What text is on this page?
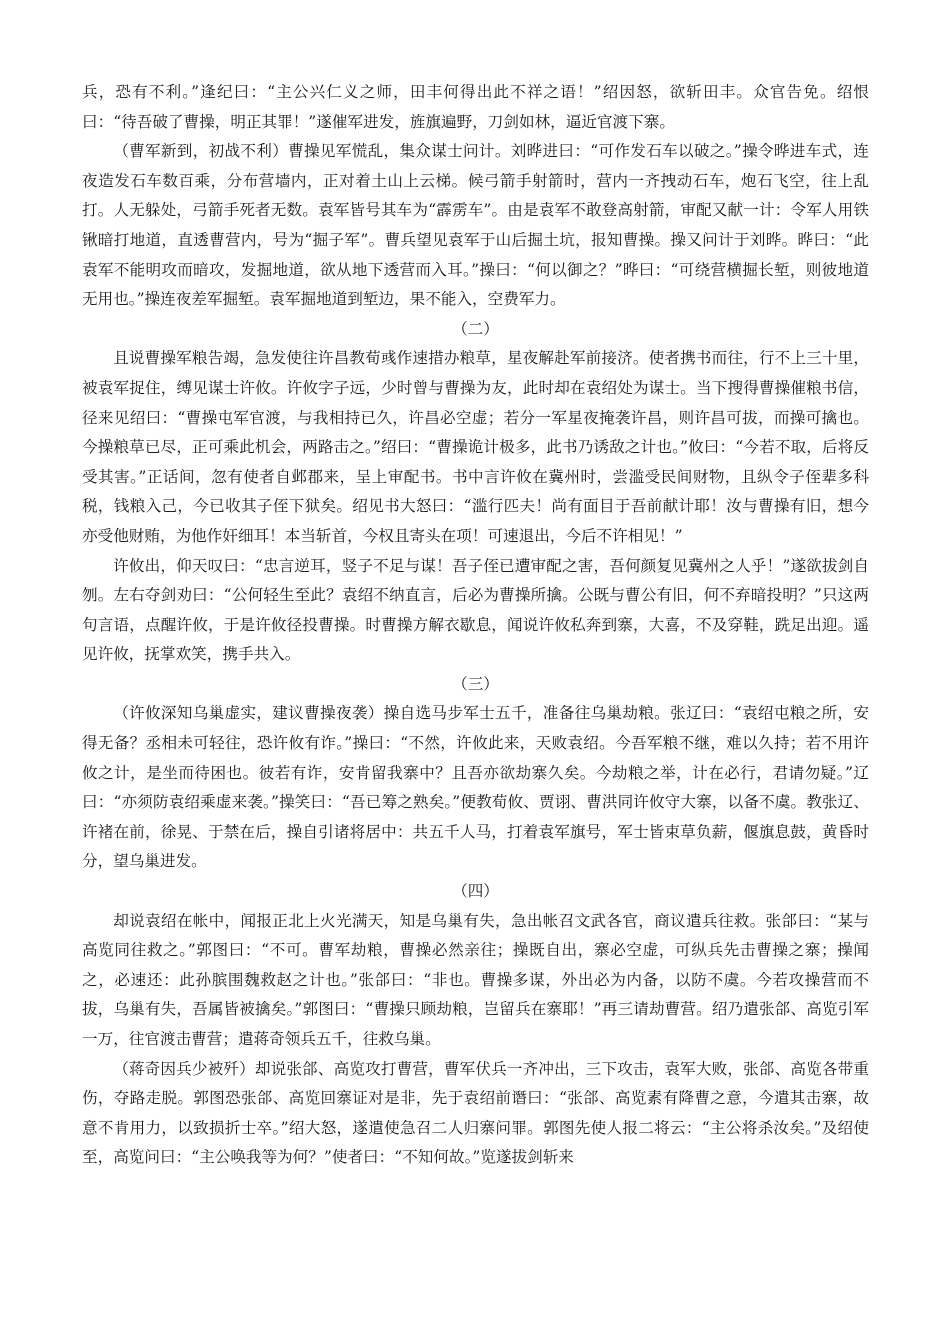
兵，恐有不利。”逢纪曰：“主公兴仁义之师，田丰何得出此不祥之语！”绍因怒，欲斩田丰。众官告免。绍恨曰：“待吾破了曹操，明正其罪！”遂催军进发，旌旗遍野，刀剑如林，逼近官渡下寨。

（曹军新到，初战不利）曹操见军慌乱，集众谋士问计。刘晔进曰：“可作发石车以破之。”操令晔进车式，连夜造发石车数百乘，分布营墙内，正对着土山上云梯。候弓箭手射箭时，营内一齐拽动石车，炮石飞空，往上乱打。人无躲处，弓箭手死者无数。袁军皆号其车为“霹雳车”。由是袁军不敢登高射箭，审配又献一计：令军人用铁锹暗打地道，直透曹营内，号为“掘子军”。曹兵望见袁军于山后掘土坑，报知曹操。操又问计于刘晔。晔曰：“此袁军不能明攻而暗攻，发掘地道，欲从地下透营而入耳。”操曰：“何以御之？”晔曰：“可绕营横掘长堑，则彼地道无用也。”操连夜差军掘堑。袁军掘地道到堑边，果不能入，空费军力。

（二）

且说曹操军粮告竭，急发使往许昌教荀彧作速措办粮草，星夜解赴军前接济。使者携书而往，行不上三十里，被袁军捉住，缚见谋士许攸。许攸字子远，少时曾与曹操为友，此时却在袁绍处为谋士。当下搜得曹操催粮书信，径来见绍曰：“曹操屯军官渡，与我相持已久，许昌必空虚；若分一军星夜掩袭许昌，则许昌可拔，而操可擒也。今操粮草已尽，正可乘此机会，两路击之。”绍曰：“曹操诡计极多，此书乃诱敌之计也。”攸曰：“今若不取，后将反受其害。”正话间，忽有使者自邺郡来，呈上审配书。书中言许攸在冀州时，尝滥受民间财物，且纵令子侄辈多科税，钱粮入己，今已收其子侄下狱矣。绍见书大怒曰：“滥行匹夫！尚有面目于吾前献计耶！汝与曹操有旧，想今亦受他财贿，为他作奸细耳！本当斩首，今权且寄头在项！可速退出，今后不许相见！”

许攸出，仰天叹曰：“忠言逆耳，竖子不足与谋！吾子侄已遭审配之害，吾何颜复见冀州之人乎！”遂欲拔剑自刎。左右夺剑劝曰：“公何轻生至此？袁绍不纳直言，后必为曹操所擒。公既与曹公有旧，何不弃暗投明？”只这两句言语，点醒许攸，于是许攸径投曹操。时曹操方解衣歇息，闻说许攸私奔到寨，大喜，不及穿鞋，跣足出迎。遥见许攸，抚掌欢笑，携手共入。

（三）

（许攸深知乌巢虚实，建议曹操夜袭）操自选马步军士五千，准备往乌巢劫粮。张辽曰：“袁绍屯粮之所，安得无备？丞相未可轻往，恐许攸有诈。”操曰：“不然，许攸此来，天败袁绍。今吾军粮不继，难以久持；若不用许攸之计，是坐而待困也。彼若有诈，安肯留我寨中？且吾亦欲劫寨久矣。今劫粮之举，计在必行，君请勿疑。”辽曰：“亦须防袁绍乘虚来袭。”操笑曰：“吾已筹之熟矣。”便教荀攸、贾诩、曹洪同许攸守大寨，以备不虞。教张辽、许褚在前，徐晃、于禁在后，操自引诸将居中：共五千人马，打着袁军旗号，军士皆束草负薪，偃旗息鼓，黄昏时分，望乌巢进发。

（四）

却说袁绍在帐中，闻报正北上火光满天，知是乌巢有失，急出帐召文武各官，商议遣兵往救。张郃曰：“某与高览同往救之。”郭图曰：“不可。曹军劫粮，曹操必然亲往；操既自出，寨必空虚，可纵兵先击曹操之寨；操闻之，必速还：此孙膑围魏救赵之计也。”张郃曰：“非也。曹操多谋，外出必为内备，以防不虞。今若攻操营而不拔，乌巢有失，吾属皆被擒矣。”郭图曰：“曹操只顾劫粮，岂留兵在寨耶！”再三请劫曹营。绍乃遣张郃、高览引军一万，往官渡击曹营；遣蒋奇领兵五千，往救乌巢。

（蒋奇因兵少被歼）却说张郃、高览攻打曹营，曹军伏兵一齐冲出，三下攻击，袁军大败，张郃、高览各带重伤，夺路走脱。郭图恐张郃、高览回寨证对是非，先于袁绍前谮曰：“张郃、高览素有降曹之意，今遣其击寨，故意不肯用力，以致损折士卒。”绍大怒，遂遣使急召二人归寨问罪。郭图先使人报二将云：“主公将杀汝矣。”及绍使至，高览问曰：“主公唤我等为何？”使者曰：“不知何故。”览遂拔剑斩来
